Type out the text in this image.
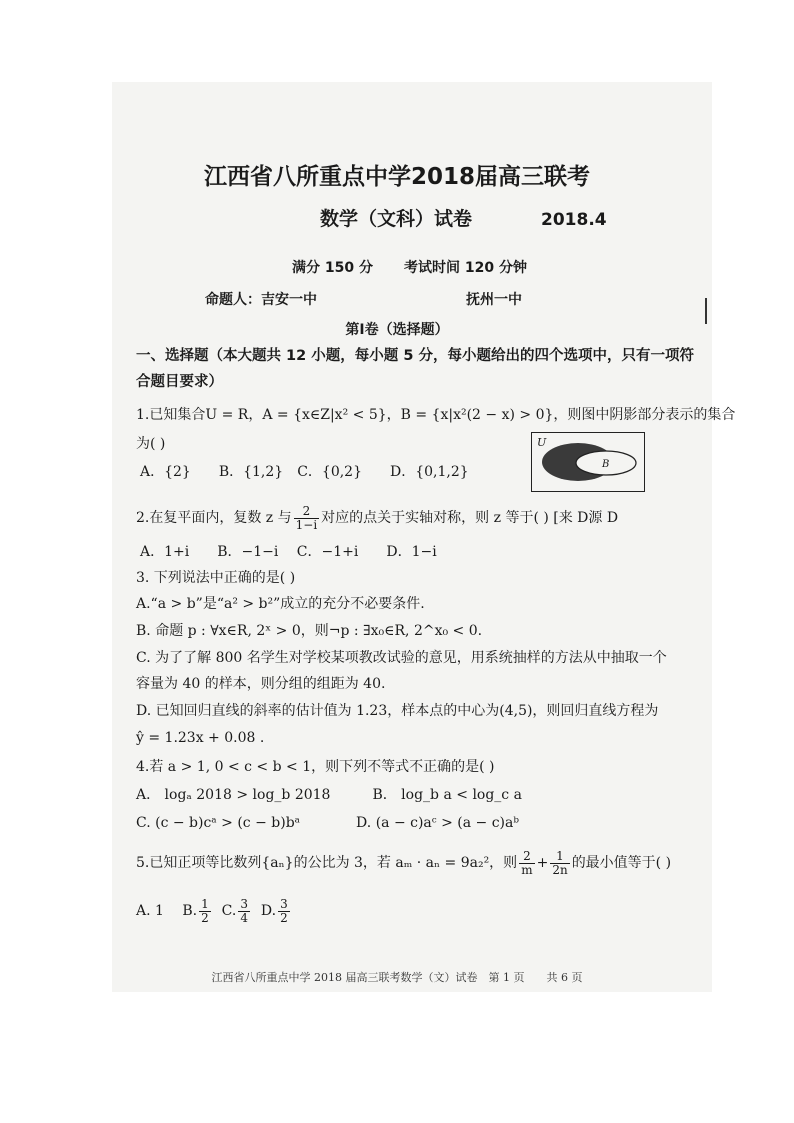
江西省八所重点中学2018届高三联考
数学（文科）试卷	2018.4
满分 150 分 考试时间 120 分钟
命题人：吉安一中	抚州一中
第Ⅰ卷（选择题）
一、选择题（本大题共 12 小题，每小题 5 分，每小题给出的四个选项中，只有一项符
合题目要求）
1.已知集合U = R，A = {x∈Z|x² < 5}，B = {x|x²(2 − x) > 0}，则图中阴影部分表示的集合
为( )
A．{2}　　B．{1,2}　C．{0,2}　　D．{0,1,2}
U
B
2.在复平面内，复数 z 与 $\frac{2}{1-i}$ 对应的点关于实轴对称，则 z 等于( ) [来 D源 D
A．1+i　　B．−1−i　 C．−1+i　　D．1−i
3. 下列说法中正确的是( )
A.“a > b”是“a² > b²”成立的充分不必要条件.
B. 命题 p : ∀x∈R, 2ˣ > 0，则¬p : ∃x₀∈R, 2^x₀ < 0.
C. 为了了解 800 名学生对学校某项教改试验的意见，用系统抽样的方法从中抽取一个
容量为 40 的样本，则分组的组距为 40.
D. 已知回归直线的斜率的估计值为 1.23，样本点的中心为(4,5)，则回归直线方程为
ŷ = 1.23x + 0.08 .
4.若 a > 1, 0 < c < b < 1，则下列不等式不正确的是( )
A． logₐ 2018 > log_b 2018　　　B． log_b a < log_c a
C. (c − b)cᵃ > (c − b)bᵃ　　　　D. (a − c)aᶜ > (a − c)aᵇ
5.已知正项等比数列{aₙ}的公比为 3，若 aₘ · aₙ = 9a₂²，则 $\frac{2}{m} + \frac{1}{2n}$ 的最小值等于( )
A. 1　 B. $\frac{1}{2} C$. $\frac{3}{4} D$. $\frac{3}{2}$
江西省八所重点中学 2018 届高三联考数学（文）试卷　第 1 页　　共 6 页
